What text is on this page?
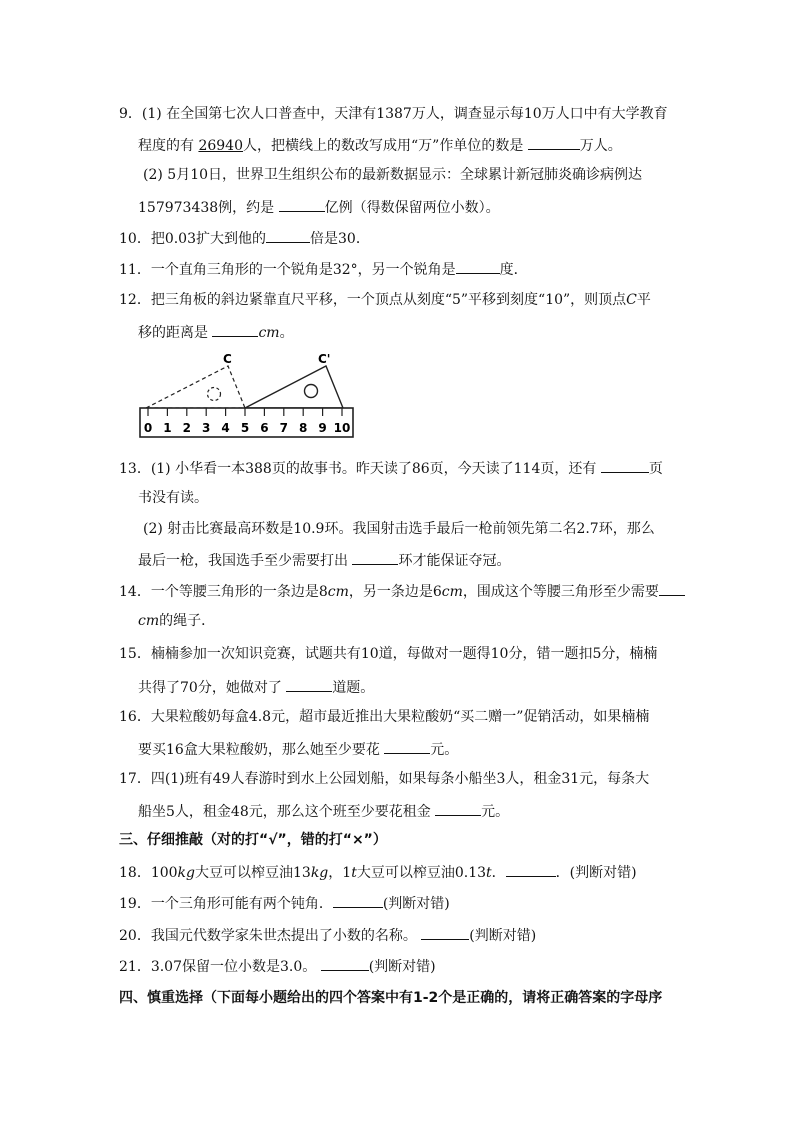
9．(1) 在全国第七次人口普查中，天津有1387万人，调查显示每10万人口中有大学教育
程度的有 26940人，把横线上的数改写成用“万”作单位的数是	万人。
(2) 5月10日，世界卫生组织公布的最新数据显示：全球累计新冠肺炎确诊病例达
157973438例，约是	亿例（得数保留两位小数）。
10．把0.03扩大到他的	倍是30．
11．一个直角三角形的一个锐角是32°，另一个锐角是	度．
12．把三角板的斜边紧靠直尺平移，一个顶点从刻度“5”平移到刻度“10”，则顶点C平
移的距离是	cm。
C	C'
0 1 2 3 4 5 6 7 8 9 10
13．(1) 小华看一本388页的故事书。昨天读了86页，今天读了114页，还有	页
书没有读。
(2) 射击比赛最高环数是10.9环。我国射击选手最后一枪前领先第二名2.7环，那么
最后一枪，我国选手至少需要打出	环才能保证夺冠。
14．一个等腰三角形的一条边是8cm，另一条边是6cm，围成这个等腰三角形至少需要
cm的绳子．
15．楠楠参加一次知识竞赛，试题共有10道，每做对一题得10分，错一题扣5分，楠楠
共得了70分，她做对了	道题。
16．大果粒酸奶每盒4.8元，超市最近推出大果粒酸奶“买二赠一”促销活动，如果楠楠
要买16盒大果粒酸奶，那么她至少要花	元。
17．四(1)班有49人春游时到水上公园划船，如果每条小船坐3人，租金31元，每条大
船坐5人，租金48元，那么这个班至少要花租金	元。
三、仔细推敲（对的打“√”，错的打“×”）
18．100kg大豆可以榨豆油13kg，1t大豆可以榨豆油0.13t．	．(判断对错)
19．一个三角形可能有两个钝角．	(判断对错)
20．我国元代数学家朱世杰提出了小数的名称。	(判断对错)
21．3.07保留一位小数是3.0。	(判断对错)
四、慎重选择（下面每小题给出的四个答案中有1-2个是正确的，请将正确答案的字母序
